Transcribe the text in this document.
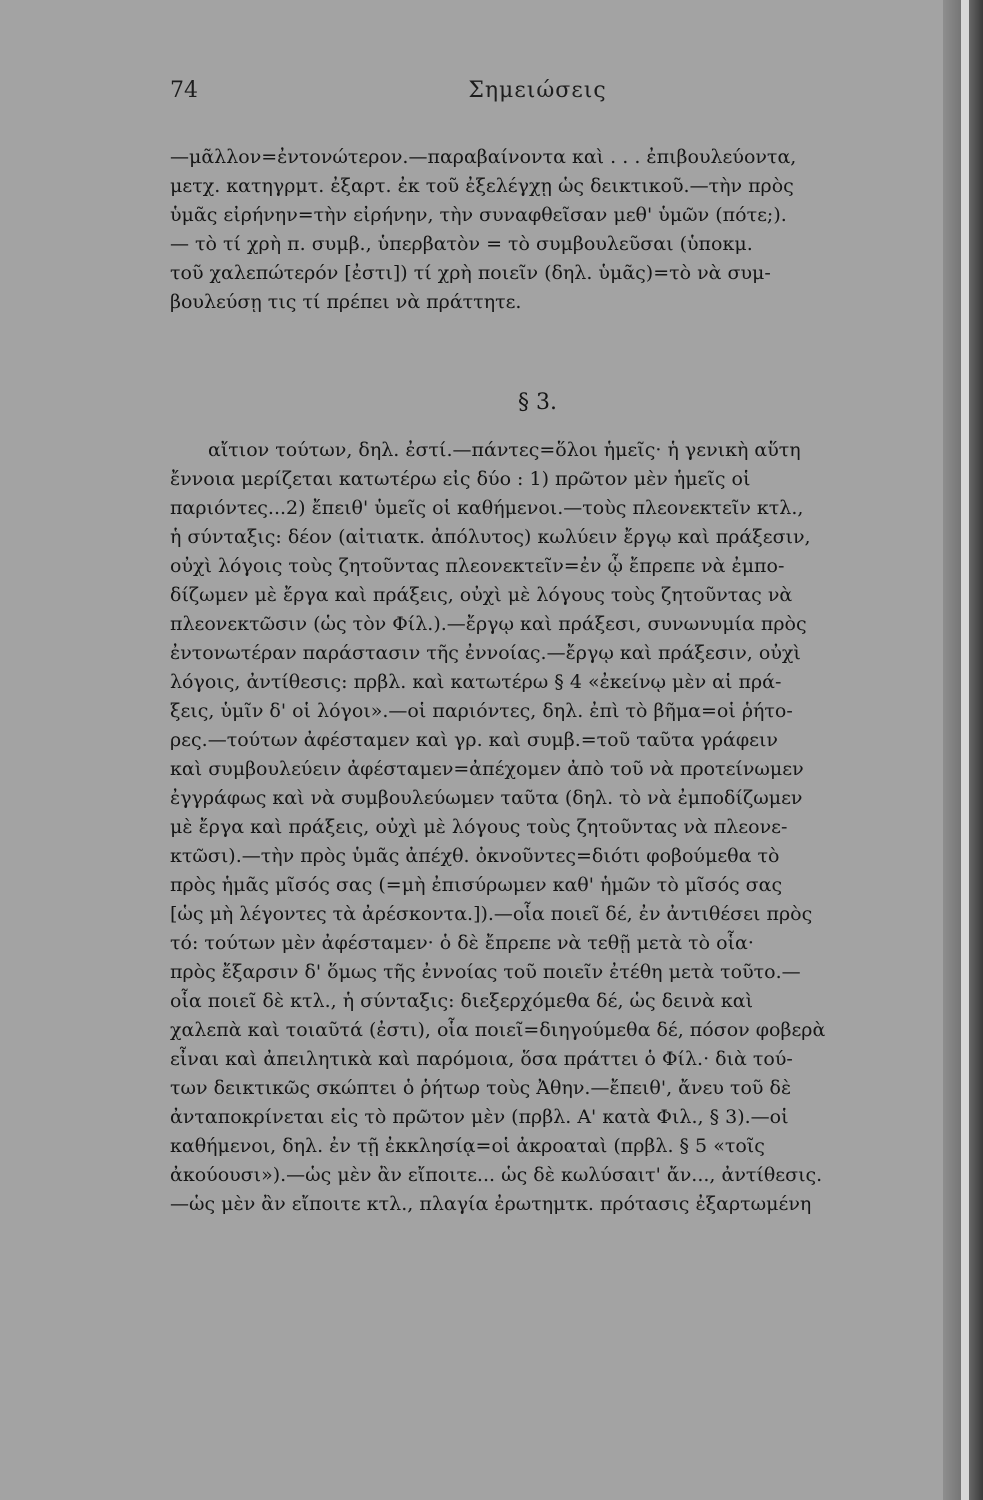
74	Σημειώσεις
—μᾶλλον=ἐντονώτερον.—παραβαίνοντα καὶ . . . ἐπιβουλεύοντα,
μετχ. κατηγρμτ. ἐξαρτ. ἐκ τοῦ ἐξελέγχῃ ὡς δεικτικοῦ.—τὴν πρὸς
ὑμᾶς εἰρήνην=τὴν εἰρήνην, τὴν συναφθεῖσαν μεθ' ὑμῶν (πότε;).
— τὸ τί χρὴ π. συμβ., ὑπερβατὸν = τὸ συμβουλεῦσαι (ὑποκμ.
τοῦ χαλεπώτερόν [ἐστι]) τί χρὴ ποιεῖν (δηλ. ὑμᾶς)=τὸ νὰ συμ-
βουλεύσῃ τις τί πρέπει νὰ πράττητε.
§ 3.
αἴτιον τούτων, δηλ. ἐστί.—πάντες=ὅλοι ἡμεῖς· ἡ γενικὴ αὕτη
ἔννοια μερίζεται κατωτέρω εἰς δύο : 1) πρῶτον μὲν ἡμεῖς οἱ
παριόντες...2) ἔπειθ' ὑμεῖς οἱ καθήμενοι.—τοὺς πλεονεκτεῖν κτλ.,
ἡ σύνταξις: δέον (αἰτιατκ. ἀπόλυτος) κωλύειν ἔργῳ καὶ πράξεσιν,
οὐχὶ λόγοις τοὺς ζητοῦντας πλεονεκτεῖν=ἐν ᾧ ἔπρεπε νὰ ἐμπο-
δίζωμεν μὲ ἔργα καὶ πράξεις, οὐχὶ μὲ λόγους τοὺς ζητοῦντας νὰ
πλεονεκτῶσιν (ὡς τὸν Φίλ.).—ἔργῳ καὶ πράξεσι, συνωνυμία πρὸς
ἐντονωτέραν παράστασιν τῆς ἐννοίας.—ἔργῳ καὶ πράξεσιν, οὐχὶ
λόγοις, ἀντίθεσις: πρβλ. καὶ κατωτέρω § 4 «ἐκείνῳ μὲν αἱ πρά-
ξεις, ὑμῖν δ' οἱ λόγοι».—οἱ παριόντες, δηλ. ἐπὶ τὸ βῆμα=οἱ ῥήτο-
ρες.—τούτων ἀφέσταμεν καὶ γρ. καὶ συμβ.=τοῦ ταῦτα γράφειν
καὶ συμβουλεύειν ἀφέσταμεν=ἀπέχομεν ἀπὸ τοῦ νὰ προτείνωμεν
ἐγγράφως καὶ νὰ συμβουλεύωμεν ταῦτα (δηλ. τὸ νὰ ἐμποδίζωμεν
μὲ ἔργα καὶ πράξεις, οὐχὶ μὲ λόγους τοὺς ζητοῦντας νὰ πλεονε-
κτῶσι).—τὴν πρὸς ὑμᾶς ἀπέχθ. ὀκνοῦντες=διότι φοβούμεθα τὸ
πρὸς ἡμᾶς μῖσός σας (=μὴ ἐπισύρωμεν καθ' ἡμῶν τὸ μῖσός σας
[ὡς μὴ λέγοντες τὰ ἀρέσκοντα.]).—οἷα ποιεῖ δέ, ἐν ἀντιθέσει πρὸς
τό: τούτων μὲν ἀφέσταμεν· ὁ δὲ ἔπρεπε νὰ τεθῇ μετὰ τὸ οἷα·
πρὸς ἔξαρσιν δ' ὅμως τῆς ἐννοίας τοῦ ποιεῖν ἐτέθη μετὰ τοῦτο.—
οἷα ποιεῖ δὲ κτλ., ἡ σύνταξις: διεξερχόμεθα δέ, ὡς δεινὰ καὶ
χαλεπὰ καὶ τοιαῦτά (ἐστι), οἷα ποιεῖ=διηγούμεθα δέ, πόσον φοβερὰ
εἶναι καὶ ἀπειλητικὰ καὶ παρόμοια, ὅσα πράττει ὁ Φίλ.· διὰ τού-
των δεικτικῶς σκώπτει ὁ ῥήτωρ τοὺς Ἀθην.—ἔπειθ', ἄνευ τοῦ δὲ
ἀνταποκρίνεται εἰς τὸ πρῶτον μὲν (πρβλ. Α' κατὰ Φιλ., § 3).—οἱ
καθήμενοι, δηλ. ἐν τῇ ἐκκλησίᾳ=οἱ ἀκροαταὶ (πρβλ. § 5 «τοῖς
ἀκούουσι»).—ὡς μὲν ἂν εἴποιτε... ὡς δὲ κωλύσαιτ' ἄν..., ἀντίθεσις.
—ὡς μὲν ἂν εἴποιτε κτλ., πλαγία ἐρωτημτκ. πρότασις ἐξαρτωμένη
